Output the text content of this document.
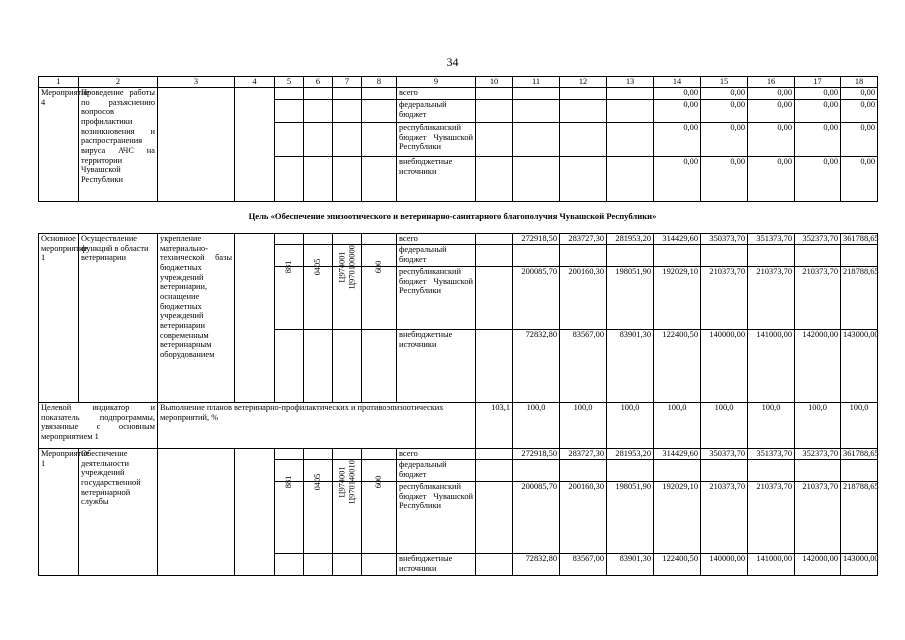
34
1	2	3	4	5	6	7	8	9	10	11	12	13	14	15	16	17	18
Мероприятие 4	Проведение работы по разъяснению вопросов профилактики возникновения и распространения вируса АЧС на территории Чувашской Республики							всего					0,00	0,00	0,00	0,00	0,00
								федеральный бюджет					0,00	0,00	0,00	0,00	0,00
								республиканский бюджет Чувашской Республики					0,00	0,00	0,00	0,00	0,00
								внебюджетные источники					0,00	0,00	0,00	0,00	0,00
Цель «Обеспечение эпизоотического и ветеринарно-санитарного благополучия Чувашской Республики»
Основное мероприятие 1	Осуществление функций в области ветеринарии	укрепление материально-технической базы бюджетных учреждений ветеринарии, оснащение бюджетных учреждений ветеринарии современным ветеринарным оборудованием						всего		272918,50	283727,30	281953,20	314429,60	350373,70	351373,70	352373,70	361788,65
								федеральный бюджет									

				881	0405	Ц974001 Ц970100000	600	республиканский бюджет Чувашской Республики		200085,70	200160,30	198051,90	192029,10	210373,70	210373,70	210373,70	218788,65
								внебюджетные источники		72832,80	83567,00	83901,30	122400,50	140000,00	141000,00	142000,00	143000,00
Целевой индикатор и показатель подпрограммы, увязанные с основным мероприятием 1		Выполнение планов ветеринарно-профилактических и противоэпизоотических мероприятий, %							103,1	100,0	100,0	100,0	100,0	100,0	100,0	100,0	100,0
Мероприятие 1	Обеспечение деятельности учреждений государственной ветеринарной службы							всего		272918,50	283727,30	281953,20	314429,60	350373,70	351373,70	352373,70	361788,65
								федеральный бюджет									

				881	0405	Ц974001 Ц970140010	600	республиканский бюджет Чувашской Республики		200085,70	200160,30	198051,90	192029,10	210373,70	210373,70	210373,70	218788,65
								внебюджетные источники		72832,80	83567,00	83901,30	122400,50	140000,00	141000,00	142000,00	143000,00
